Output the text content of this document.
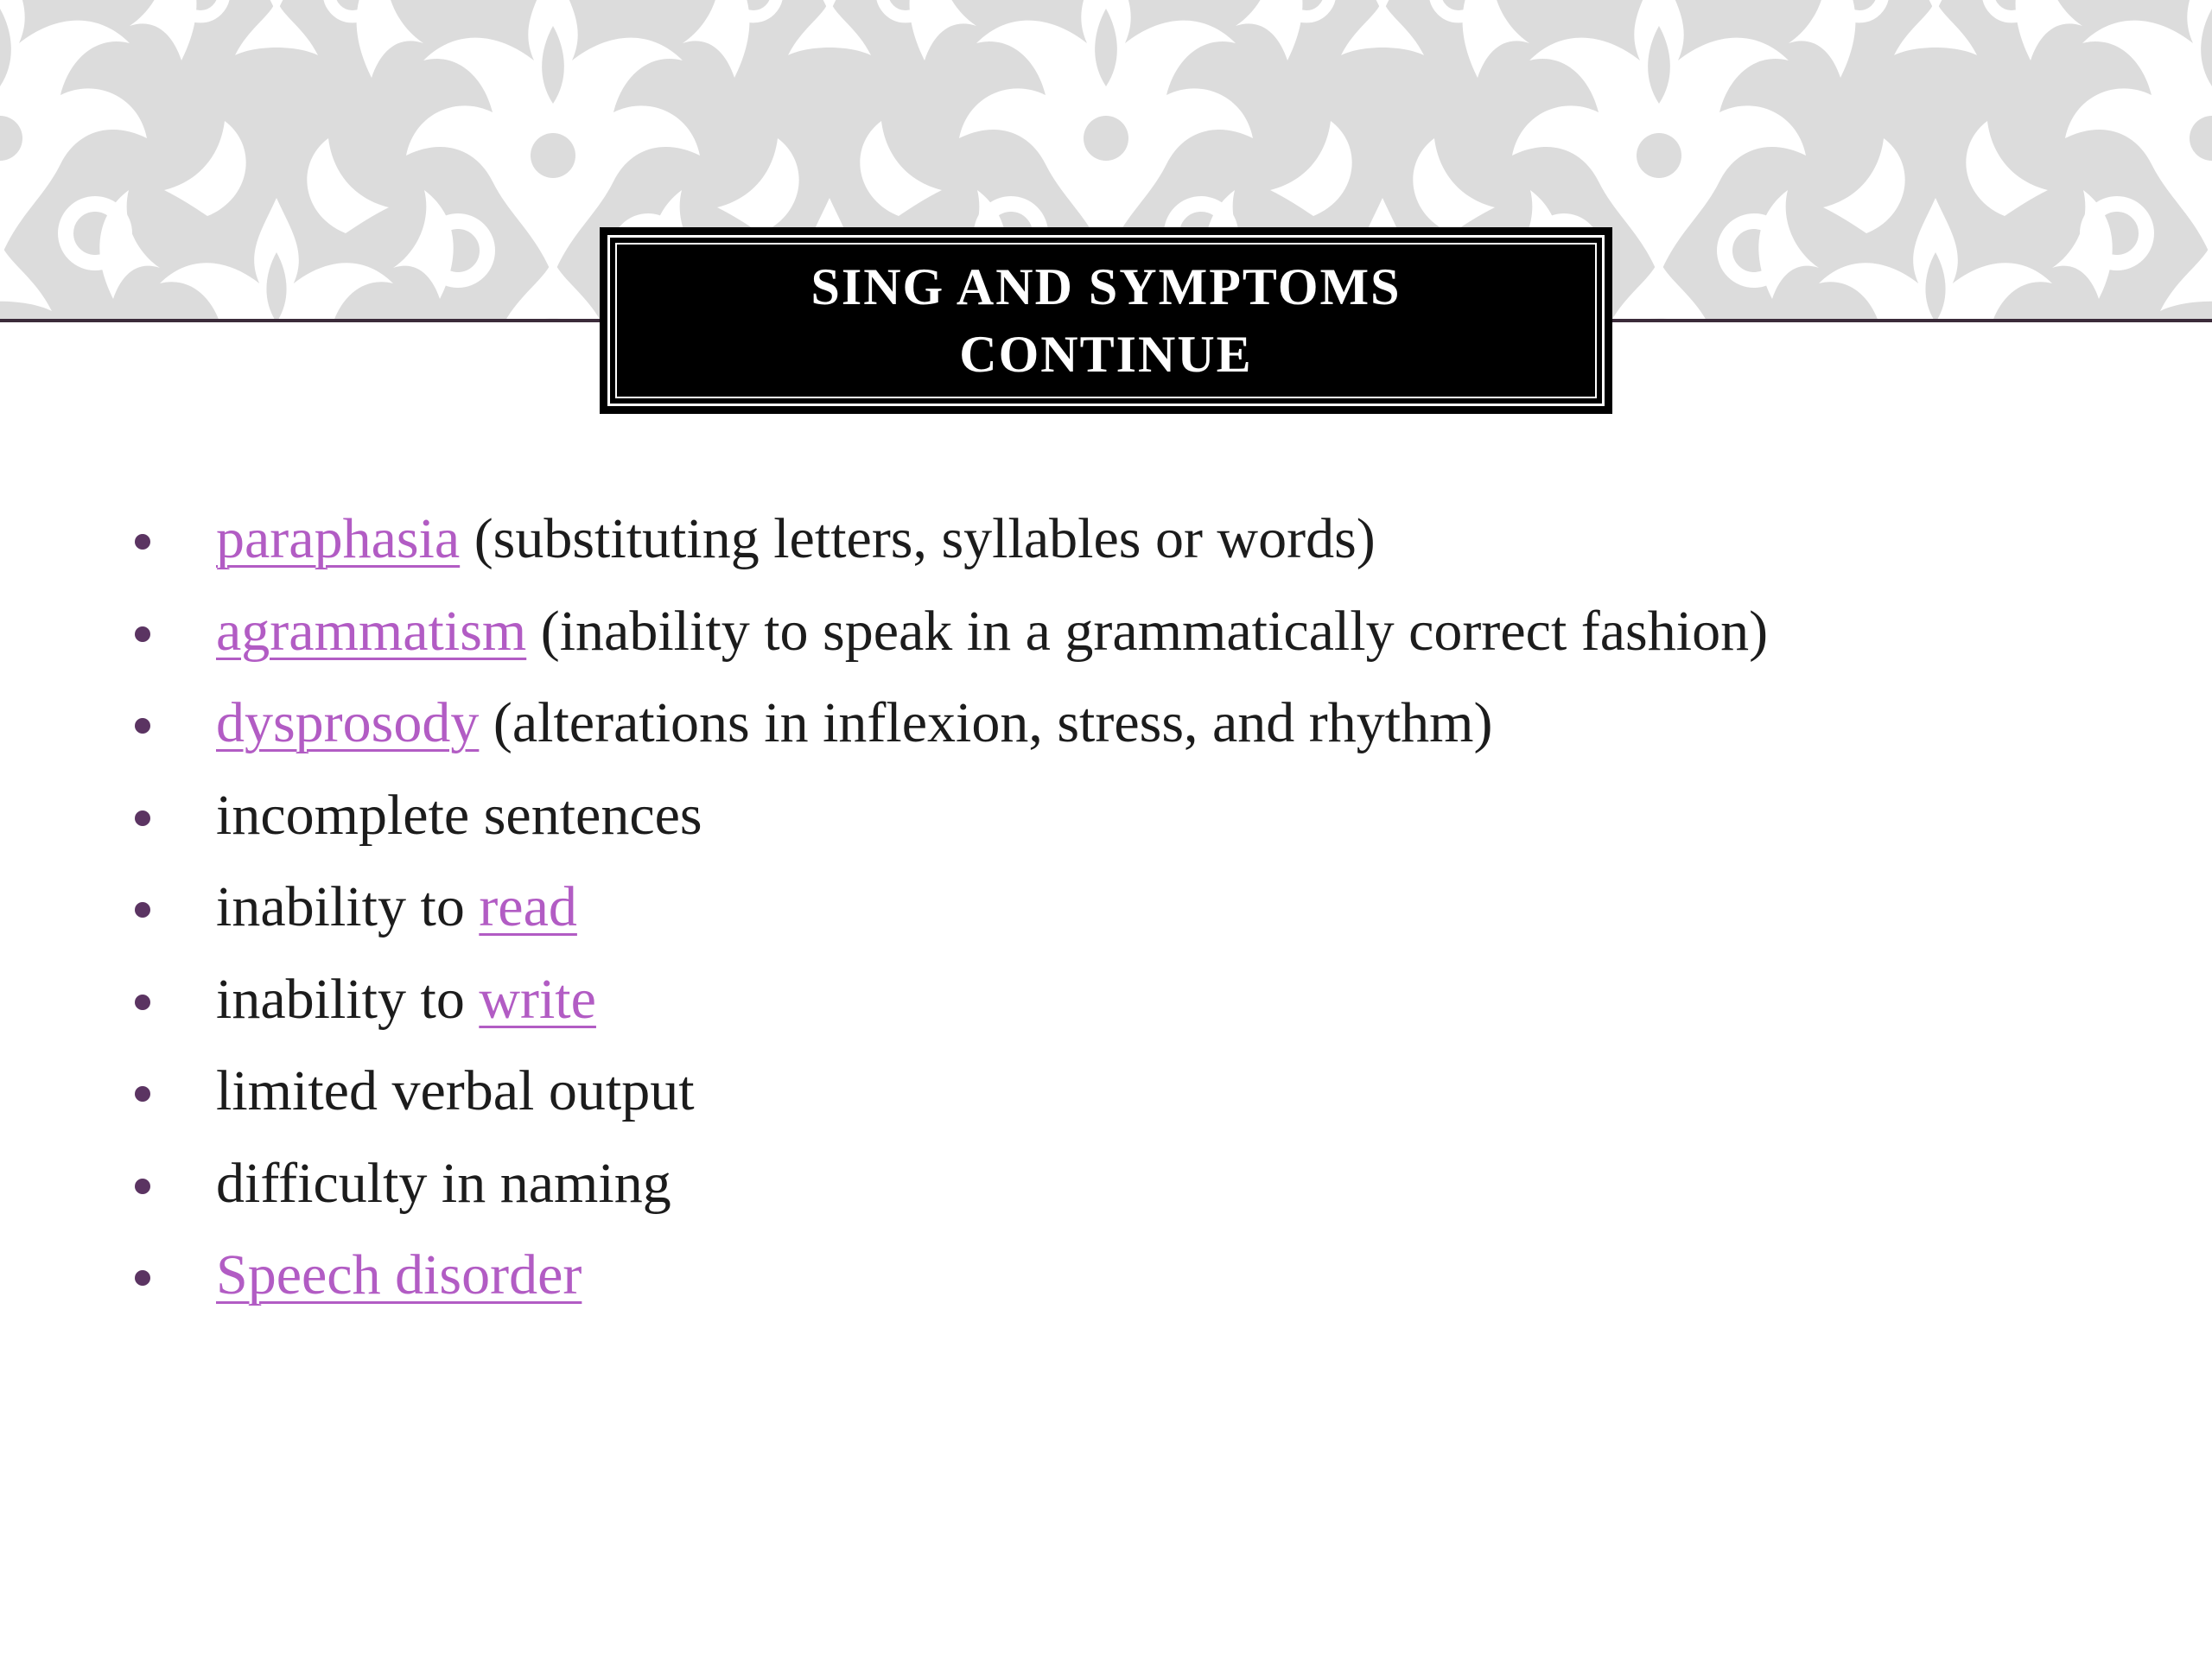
SING AND SYMPTOMS
CONTINUE
paraphasia (substituting letters, syllables or words)
agrammatism (inability to speak in a grammatically correct fashion)
dysprosody (alterations in inflexion, stress, and rhythm)
incomplete sentences
inability to read
inability to write
limited verbal output
difficulty in naming
Speech disorder
